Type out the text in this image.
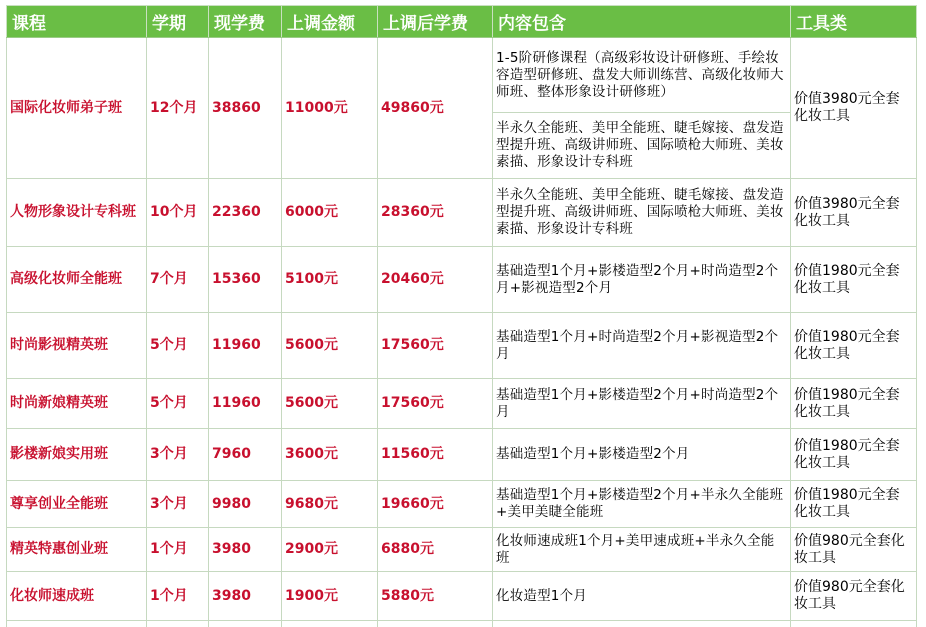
课程	学期	现学费	上调金额	上调后学费	内容包含	工具类
国际化妆师弟子班	12个月	38860	11000元	49860元	1-5阶研修课程（高级彩妆设计研修班、手绘妆容造型研修班、盘发大师训练营、高级化妆师大师班、整体形象设计研修班）	价值3980元全套化妆工具
					半永久全能班、美甲全能班、睫毛嫁接、盘发造型提升班、高级讲师班、国际喷枪大师班、美妆素描、形象设计专科班	
人物形象设计专科班	10个月	22360	6000元	28360元	半永久全能班、美甲全能班、睫毛嫁接、盘发造型提升班、高级讲师班、国际喷枪大师班、美妆素描、形象设计专科班	价值3980元全套化妆工具
高级化妆师全能班	7个月	15360	5100元	20460元	基础造型1个月+影楼造型2个月+时尚造型2个月+影视造型2个月	价值1980元全套化妆工具
时尚影视精英班	5个月	11960	5600元	17560元	基础造型1个月+时尚造型2个月+影视造型2个月	价值1980元全套化妆工具
时尚新娘精英班	5个月	11960	5600元	17560元	基础造型1个月+影楼造型2个月+时尚造型2个月	价值1980元全套化妆工具
影楼新娘实用班	3个月	7960	3600元	11560元	基础造型1个月+影楼造型2个月	价值1980元全套化妆工具
尊享创业全能班	3个月	9980	9680元	19660元	基础造型1个月+影楼造型2个月+半永久全能班+美甲美睫全能班	价值1980元全套化妆工具
精英特惠创业班	1个月	3980	2900元	6880元	化妆师速成班1个月+美甲速成班+半永久全能班	价值980元全套化妆工具
化妆师速成班	1个月	3980	1900元	5880元	化妆造型1个月	价值980元全套化妆工具
